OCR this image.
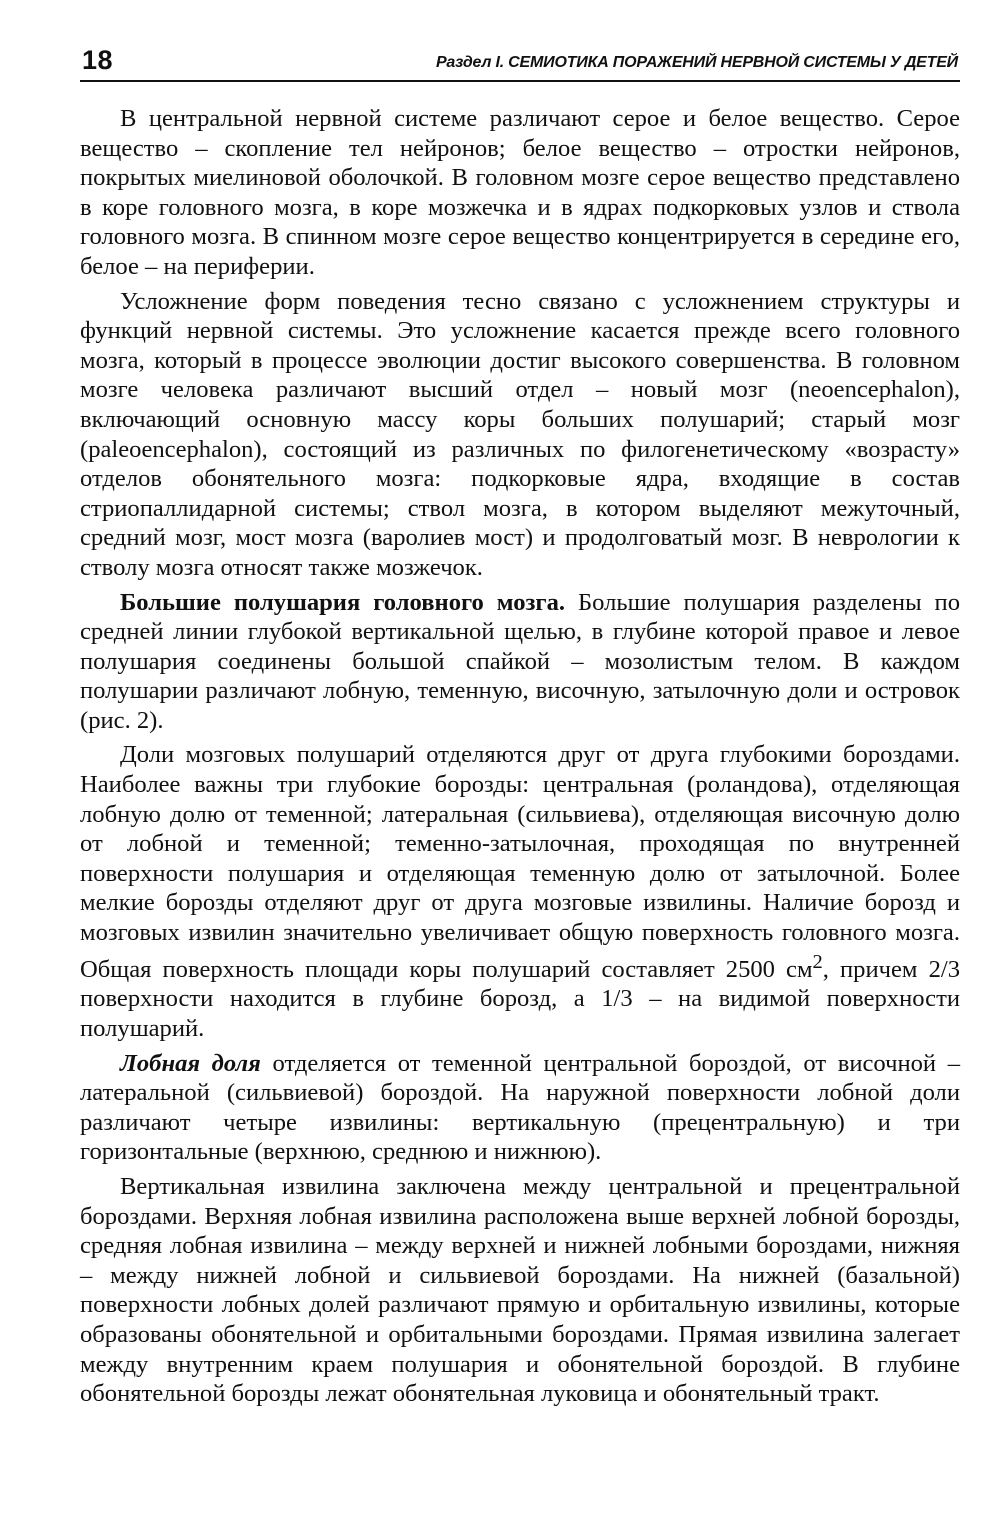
18	Раздел I. СЕМИОТИКА ПОРАЖЕНИЙ НЕРВНОЙ СИСТЕМЫ У ДЕТЕЙ

В центральной нервной системе различают серое и белое вещество. Серое вещество – скопление тел нейронов; белое вещество – отростки нейронов, покрытых миелиновой оболочкой. В головном мозге серое вещество представлено в коре головного мозга, в коре мозжечка и в ядрах подкорковых узлов и ствола головного мозга. В спинном мозге серое вещество концентрируется в середине его, белое – на периферии.

Усложнение форм поведения тесно связано с усложнением структуры и функций нервной системы. Это усложнение касается прежде всего головного мозга, который в процессе эволюции достиг высокого совершенства. В головном мозге человека различают высший отдел – новый мозг (neoencephalon), включающий основную массу коры больших полушарий; старый мозг (paleoencephalon), состоящий из различных по филогенетическому «возрасту» отделов обонятельного мозга: подкорковые ядра, входящие в состав стриопаллидарной системы; ствол мозга, в котором выделяют межуточный, средний мозг, мост мозга (варолиев мост) и продолговатый мозг. В неврологии к стволу мозга относят также мозжечок.

Большие полушария головного мозга. Большие полушария разделены по средней линии глубокой вертикальной щелью, в глубине которой правое и левое полушария соединены большой спайкой – мозолистым телом. В каждом полушарии различают лобную, теменную, височную, затылочную доли и островок (рис. 2).

Доли мозговых полушарий отделяются друг от друга глубокими бороздами. Наиболее важны три глубокие борозды: центральная (роландова), отделяющая лобную долю от теменной; латеральная (сильвиева), отделяющая височную долю от лобной и теменной; теменно-затылочная, проходящая по внутренней поверхности полушария и отделяющая теменную долю от затылочной. Более мелкие борозды отделяют друг от друга мозговые извилины. Наличие борозд и мозговых извилин значительно увеличивает общую поверхность головного мозга. Общая поверхность площади коры полушарий составляет 2500 $см^2$, причем 2/3 поверхности находится в глубине борозд, а 1/3 – на видимой поверхности полушарий.

Лобная доля отделяется от теменной центральной бороздой, от височной – латеральной (сильвиевой) бороздой. На наружной поверхности лобной доли различают четыре извилины: вертикальную (прецентральную) и три горизонтальные (верхнюю, среднюю и нижнюю).

Вертикальная извилина заключена между центральной и прецентральной бороздами. Верхняя лобная извилина расположена выше верхней лобной борозды, средняя лобная извилина – между верхней и нижней лобными бороздами, нижняя – между нижней лобной и сильвиевой бороздами. На нижней (базальной) поверхности лобных долей различают прямую и орбитальную извилины, которые образованы обонятельной и орбитальными бороздами. Прямая извилина залегает между внутренним краем полушария и обонятельной бороздой. В глубине обонятельной борозды лежат обонятельная луковица и обонятельный тракт.
